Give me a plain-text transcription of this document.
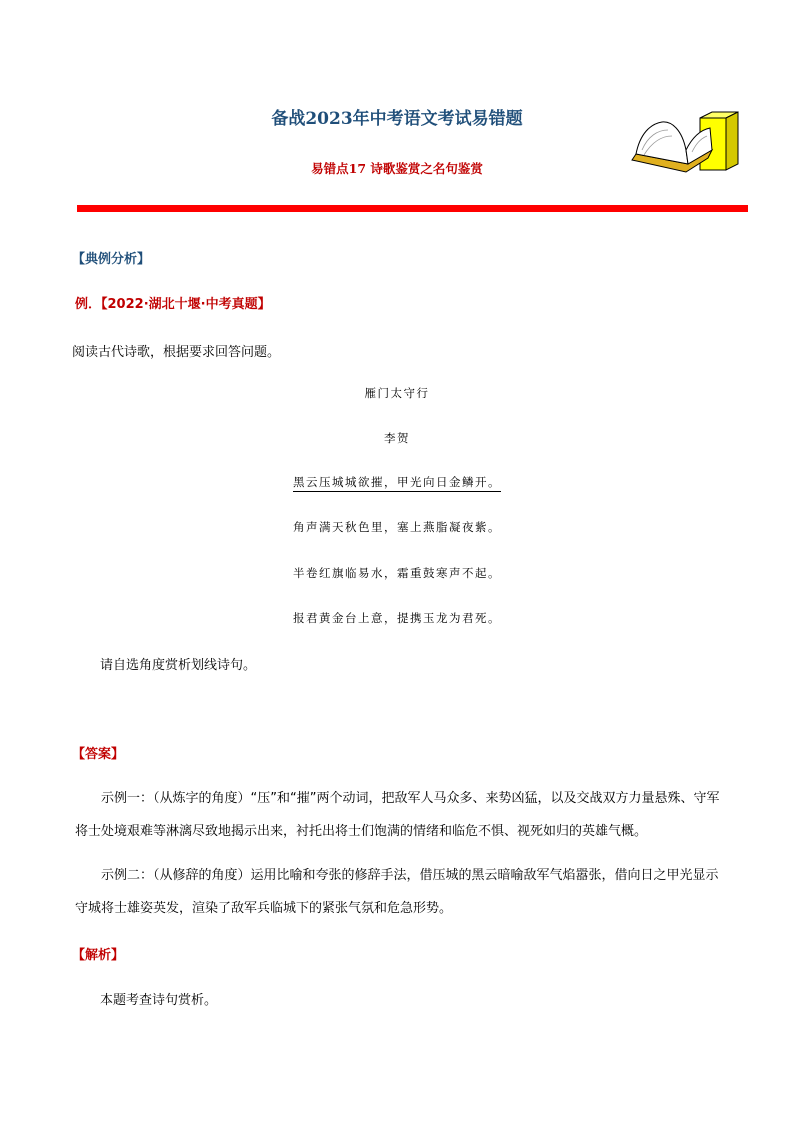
备战2023年中考语文考试易错题
易错点17 诗歌鉴赏之名句鉴赏
【典例分析】
例．【2022·湖北十堰·中考真题】
阅读古代诗歌，根据要求回答问题。
雁门太守行
李贺
黑云压城城欲摧，甲光向日金鳞开。
角声满天秋色里，塞上燕脂凝夜紫。
半卷红旗临易水，霜重鼓寒声不起。
报君黄金台上意，提携玉龙为君死。
请自选角度赏析划线诗句。
【答案】
示例一：（从炼字的角度）“压”和“摧”两个动词，把敌军人马众多、来势凶猛，以及交战双方力量悬殊、守军将士处境艰难等淋漓尽致地揭示出来，衬托出将士们饱满的情绪和临危不惧、视死如归的英雄气概。
示例二：（从修辞的角度）运用比喻和夸张的修辞手法，借压城的黑云暗喻敌军气焰嚣张，借向日之甲光显示守城将士雄姿英发，渲染了敌军兵临城下的紧张气氛和危急形势。
【解析】
本题考查诗句赏析。
